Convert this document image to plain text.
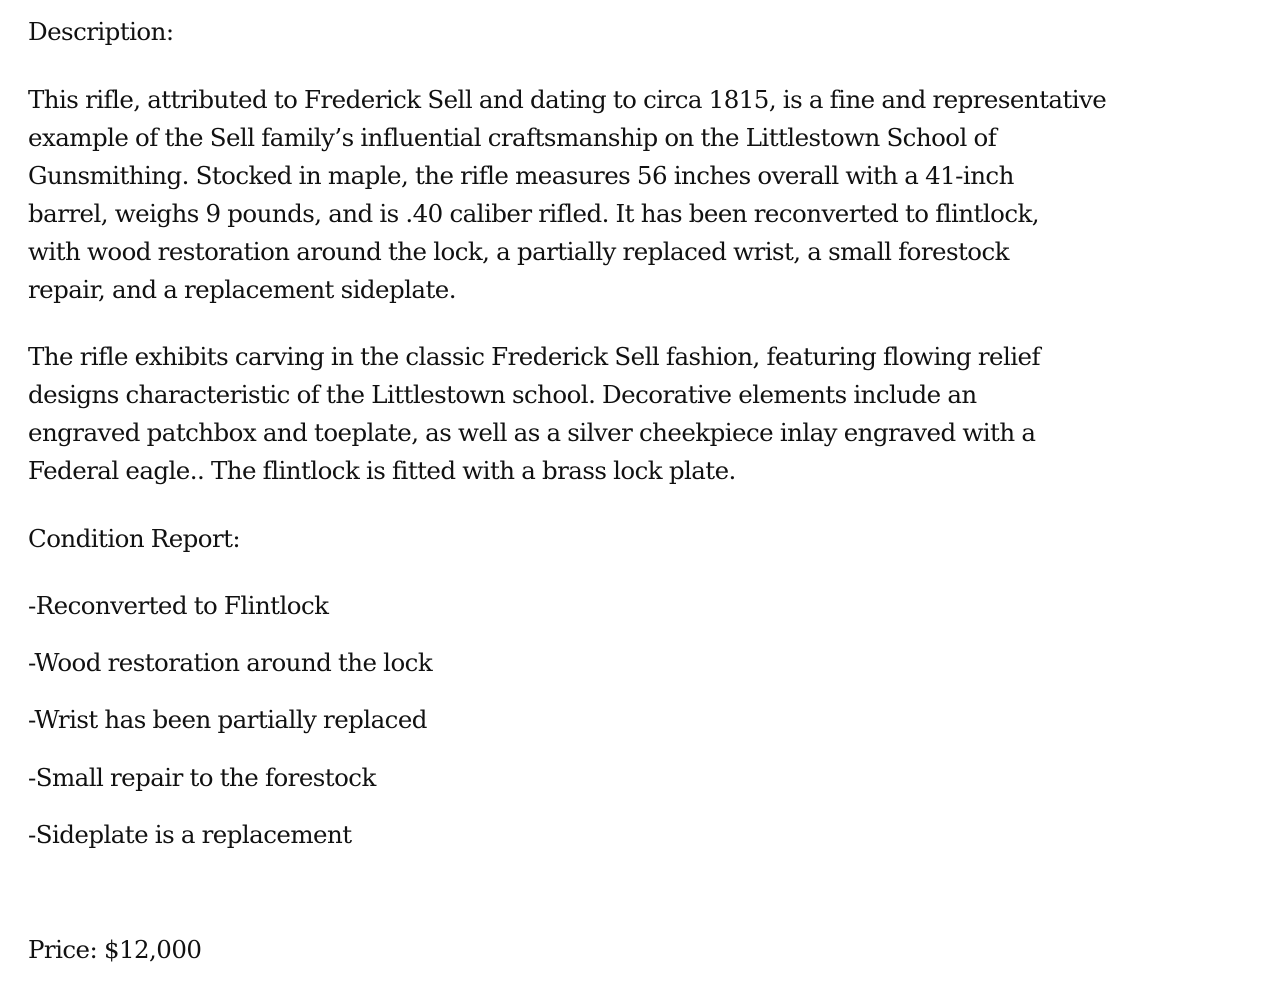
Description:
This rifle, attributed to Frederick Sell and dating to circa 1815, is a fine and representative
example of the Sell family’s influential craftsmanship on the Littlestown School of
Gunsmithing. Stocked in maple, the rifle measures 56 inches overall with a 41-inch
barrel, weighs 9 pounds, and is .40 caliber rifled. It has been reconverted to flintlock,
with wood restoration around the lock, a partially replaced wrist, a small forestock
repair, and a replacement sideplate.
The rifle exhibits carving in the classic Frederick Sell fashion, featuring flowing relief
designs characteristic of the Littlestown school. Decorative elements include an
engraved patchbox and toeplate, as well as a silver cheekpiece inlay engraved with a
Federal eagle.. The flintlock is fitted with a brass lock plate.
Condition Report:
-Reconverted to Flintlock
-Wood restoration around the lock
-Wrist has been partially replaced
-Small repair to the forestock
-Sideplate is a replacement
Price: $12,000
